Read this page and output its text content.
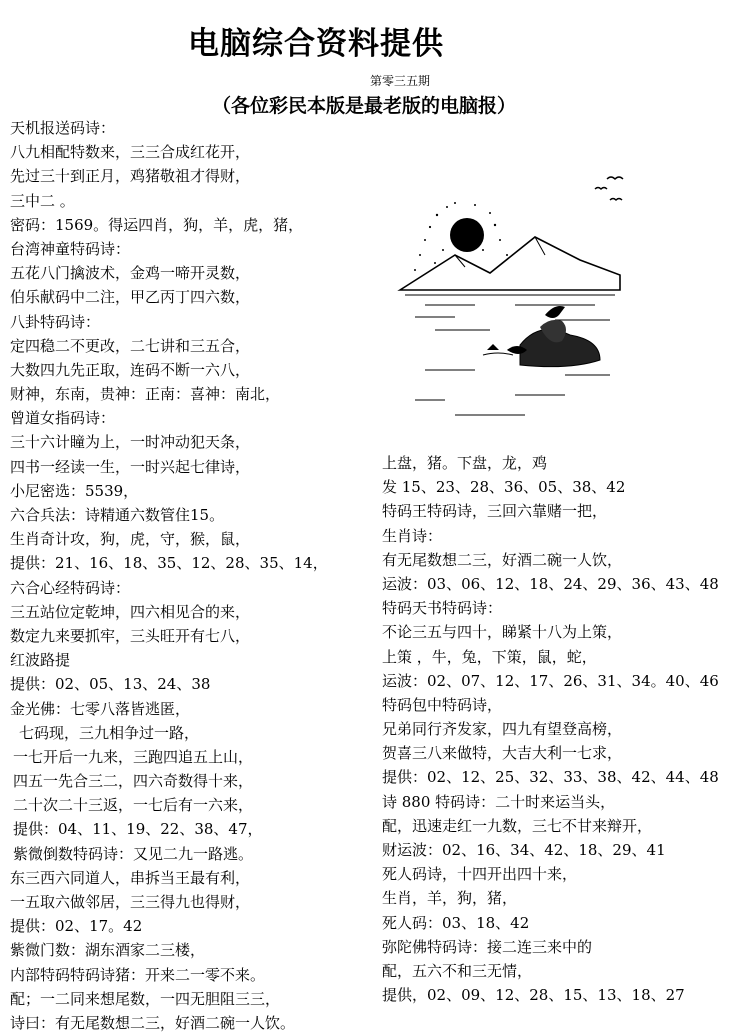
电脑综合资料提供
第零三五期
（各位彩民本版是最老版的电脑报）
天机报送码诗：
八九相配特数来，三三合成红花开，
先过三十到正月，鸡猪敬祖才得财，
三中二 。
密码：1569。得运四肖，狗，羊，虎，猪，
台湾神童特码诗：
五花八门擒波术，金鸡一啼开灵数，
伯乐献码中二注，甲乙丙丁四六数，
八卦特码诗：
定四稳二不更改，二七讲和三五合，
大数四九先正取，连码不断一六八，
财神，东南，贵神：正南：喜神：南北，
曾道女指码诗：
三十六计瞳为上，一时冲动犯天条，
四书一经读一生，一时兴起七律诗，
小尼密选：5539，
六合兵法：诗精通六数管住15。
生肖奇计攻，狗，虎，守，猴，鼠，
提供：21、16、18、35、12、28、35、14，
六合心经特码诗：
三五站位定乾坤，四六相见合的来，
数定九来要抓牢，三头旺开有七八，
红波路提
提供：02、05、13、24、38
金光佛：七零八落皆逃匿，
七码现，三九相争过一路，
一七开后一九来，三跑四追五上山，
四五一先合三二，四六奇数得十来，
二十次二十三返，一七后有一六来，
提供：04、11、19、22、38、47，
紫微倒数特码诗：又见二九一路逃。
东三西六同道人，串拆当王最有利，
一五取六做邻居，三三得九也得财，
提供：02、17。42
紫微门数：湖东酒家二三楼，
内部特码特码诗猪：开来二一零不来。
配；一二同来想尾数，一四无胆阻三三，
诗曰：有无尾数想二三，好酒二碗一人饮。
上盘，猪。下盘，龙，鸡
发 15、23、28、36、05、38、42
特码王特码诗，三回六靠赌一把，
生肖诗：
有无尾数想二三，好酒二碗一人饮，
运波：03、06、12、18、24、29、36、43、48
特码天书特码诗：
不论三五与四十，睇紧十八为上策，
上策 ，牛，兔，下策，鼠，蛇，
运波：02、07、12、17、26、31、34。40、46
特码包中特码诗，
兄弟同行齐发家，四九有望登高榜，
贺喜三八来做特，大吉大利一七求，
提供：02、12、25、32、33、38、42、44、48
诗 880 特码诗：二十时来运当头，
配，迅速走红一九数，三七不甘来辩开，
财运波：02、16、34、42、18、29、41
死人码诗，十四开出四十来，
生肖，羊，狗，猪，
死人码：03、18、42
弥陀佛特码诗：接二连三来中的
配，五六不和三无情，
提供，02、09、12、28、15、13、18、27
